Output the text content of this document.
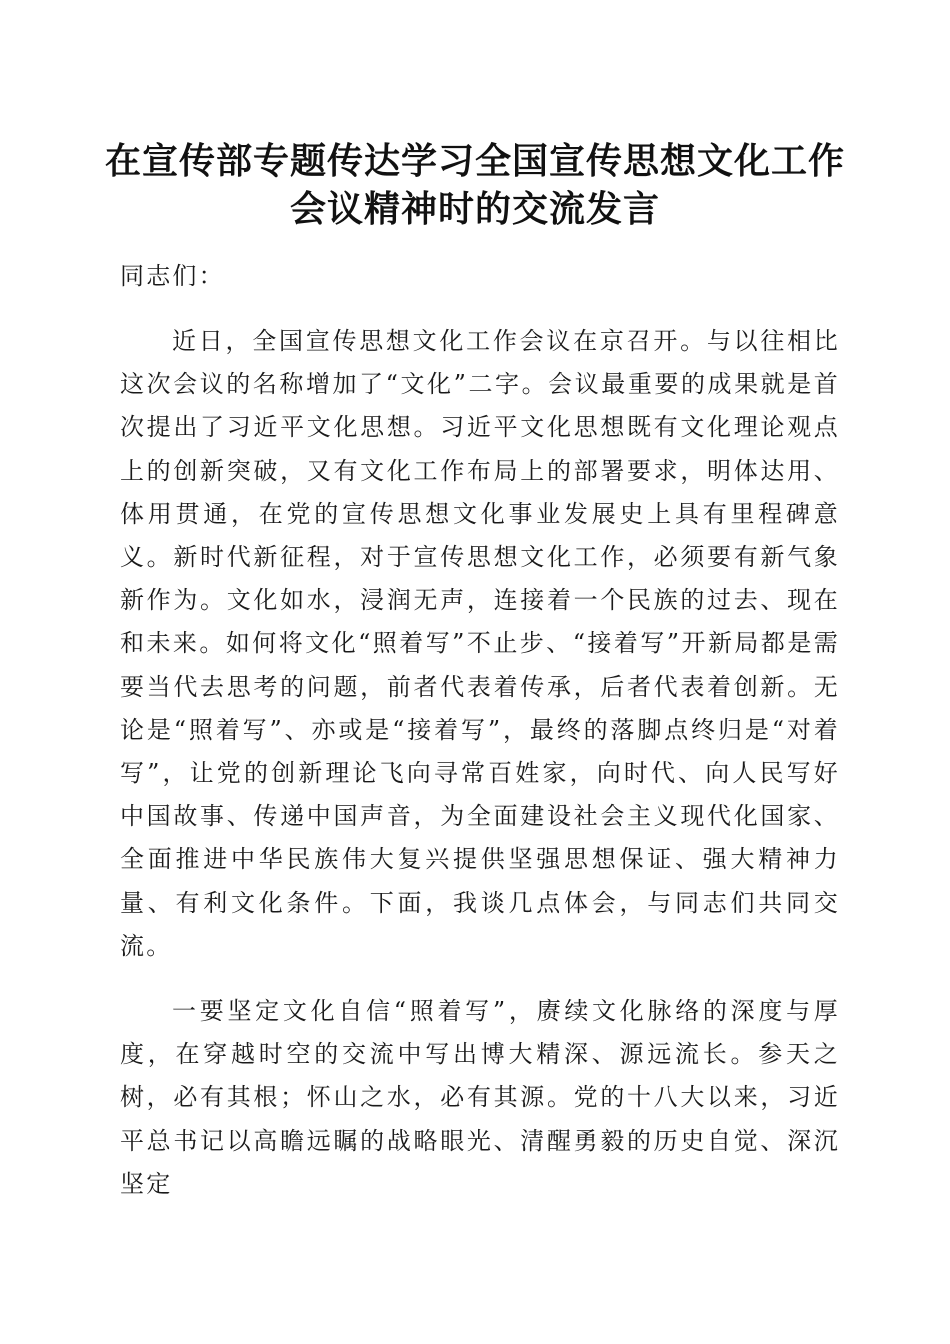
在宣传部专题传达学习全国宣传思想文化工作
会议精神时的交流发言

同志们：

近日，全国宣传思想文化工作会议在京召开。与以往相比这次会议的名称增加了“文化”二字。会议最重要的成果就是首次提出了习近平文化思想。习近平文化思想既有文化理论观点上的创新突破，又有文化工作布局上的部署要求，明体达用、体用贯通，在党的宣传思想文化事业发展史上具有里程碑意义。新时代新征程，对于宣传思想文化工作，必须要有新气象新作为。文化如水，浸润无声，连接着一个民族的过去、现在和未来。如何将文化“照着写”不止步、“接着写”开新局都是需要当代去思考的问题，前者代表着传承，后者代表着创新。无论是“照着写”、亦或是“接着写”，最终的落脚点终归是“对着写”，让党的创新理论飞向寻常百姓家，向时代、向人民写好中国故事、传递中国声音，为全面建设社会主义现代化国家、全面推进中华民族伟大复兴提供坚强思想保证、强大精神力量、有利文化条件。下面，我谈几点体会，与同志们共同交流。

一要坚定文化自信“照着写”，赓续文化脉络的深度与厚度，在穿越时空的交流中写出博大精深、源远流长。参天之树，必有其根；怀山之水，必有其源。党的十八大以来，习近平总书记以高瞻远瞩的战略眼光、清醒勇毅的历史自觉、深沉坚定
